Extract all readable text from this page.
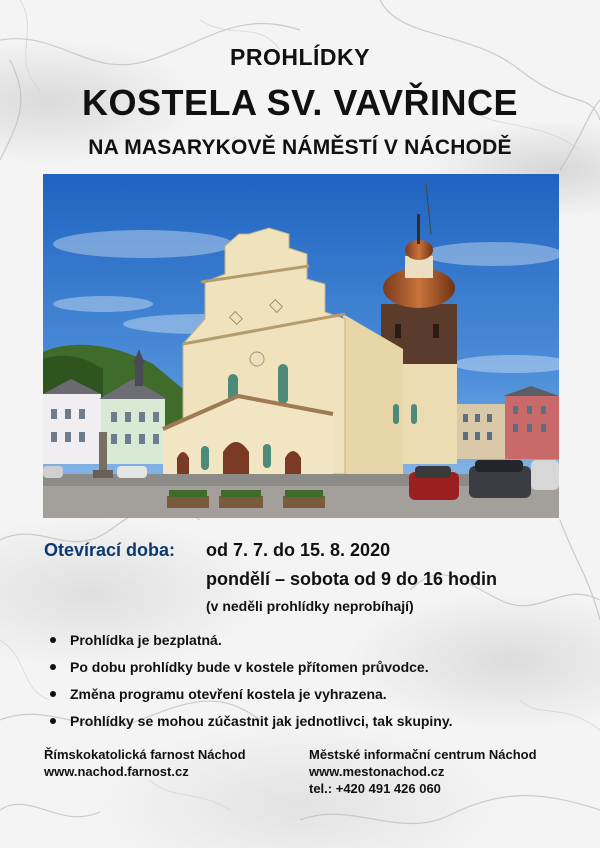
PROHLÍDKY
KOSTELA SV. VAVŘINCE
NA MASARYKOVĚ NÁMĚSTÍ V NÁCHODĚ
Otevírací doba: od 7. 7. do 15. 8. 2020
pondělí – sobota od 9 do 16 hodin
(v neděli prohlídky neprobíhají)
Prohlídka je bezplatná.
Po dobu prohlídky bude v kostele přítomen průvodce.
Změna programu otevření kostela je vyhrazena.
Prohlídky se mohou zúčastnit jak jednotlivci, tak skupiny.
Římskokatolická farnost Náchod
www.nachod.farnost.cz
Městské informační centrum Náchod
www.mestonachod.cz
tel.: +420 491 426 060
